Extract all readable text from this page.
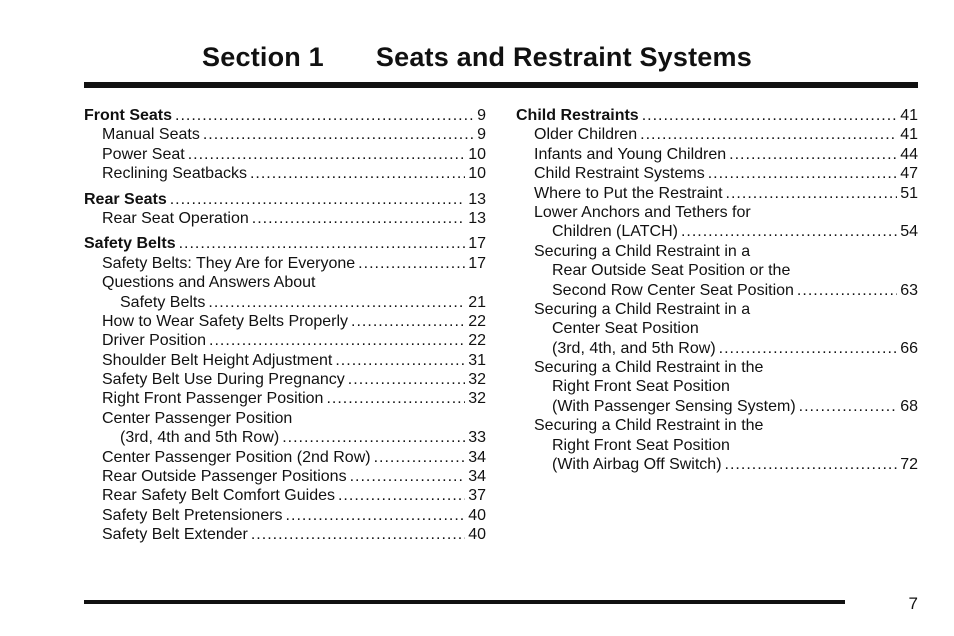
Section 1 Seats and Restraint Systems
Front Seats .....	9
Manual Seats .....	9
Power Seat .....	10
Reclining Seatbacks .....	10
Rear Seats .....	13
Rear Seat Operation .....	13
Safety Belts .....	17
Safety Belts: They Are for Everyone .....	17
Questions and Answers About
Safety Belts .....	21
How to Wear Safety Belts Properly .....	22
Driver Position .....	22
Shoulder Belt Height Adjustment .....	31
Safety Belt Use During Pregnancy .....	32
Right Front Passenger Position .....	32
Center Passenger Position
(3rd, 4th and 5th Row) .....	33
Center Passenger Position (2nd Row) .....	34
Rear Outside Passenger Positions .....	34
Rear Safety Belt Comfort Guides .....	37
Safety Belt Pretensioners .....	40
Safety Belt Extender .....	40
Child Restraints .....	41
Older Children .....	41
Infants and Young Children .....	44
Child Restraint Systems .....	47
Where to Put the Restraint .....	51
Lower Anchors and Tethers for
Children (LATCH) .....	54
Securing a Child Restraint in a
Rear Outside Seat Position or the
Second Row Center Seat Position .....	63
Securing a Child Restraint in a
Center Seat Position
(3rd, 4th, and 5th Row) .....	66
Securing a Child Restraint in the
Right Front Seat Position
(With Passenger Sensing System) .....	68
Securing a Child Restraint in the
Right Front Seat Position
(With Airbag Off Switch) .....	72
7
